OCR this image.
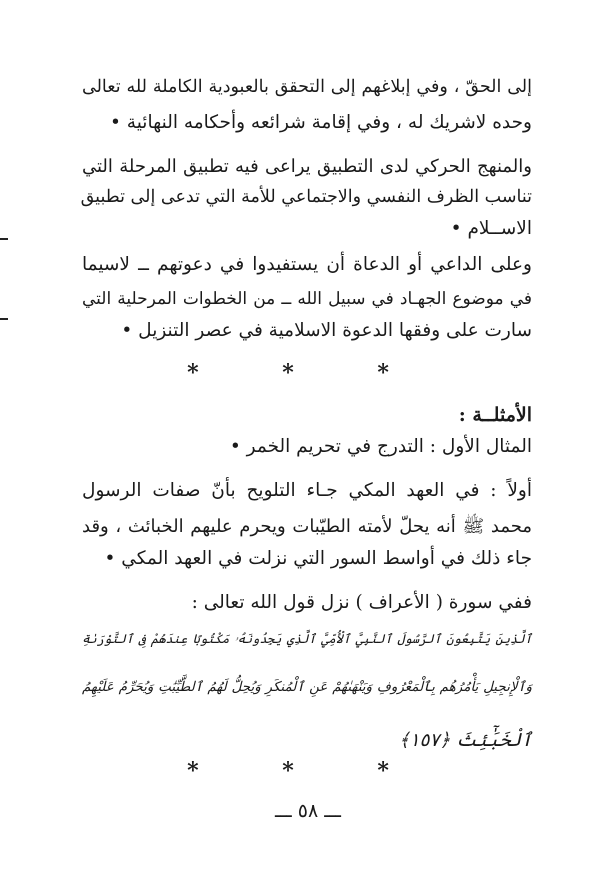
إلى الحقّ ، وفي إبلاغهم إلى التحقق بالعبودية الكاملة لله تعالى
وحده لاشريك له ، وفي إقامة شرائعه وأحكامه النهائية •
والمنهج الحركي لدى التطبيق يراعى فيه تطبيق المرحلة التي
تناسب الظرف النفسي والاجتماعي للأمة التي تدعى إلى تطبيق
الاســلام •
وعلى الداعي أو الدعاة أن يستفيدوا في دعوتهم ــ لاسيما
في موضوع الجهـاد في سبيل الله ــ من الخطوات المرحلية التي
سارت على وفقها الدعوة الاسلامية في عصر التنزيل •
* * *
الأمثلــة :
المثال الأول : التدرج في تحريم الخمر •
أولاً : في العهد المكي جـاء التلويح بأنّ صفات الرسول
محمد ﷺ أنه يحلّ لأمته الطيّبات ويحرم عليهم الخبائث ، وقد
جاء ذلك في أواسط السور التي نزلت في العهد المكي •
ففي سورة ( الأعراف ) نزل قول الله تعالى :
ٱلَّذِينَ يَتَّبِعُونَ ٱلرَّسُولَ ٱلنَّبِيَّ ٱلْأُمِّيَّ ٱلَّذِي يَجِدُونَهُۥ مَكْتُوبًا عِندَهُمْ فِى ٱلتَّوْرَىٰةِ
وَٱلْإِنجِيلِ يَأْمُرُهُم بِٱلْمَعْرُوفِ وَيَنْهَىٰهُمْ عَنِ ٱلْمُنكَرِ وَيُحِلُّ لَهُمُ ٱلطَّيِّبَٰتِ وَيُحَرِّمُ عَلَيْهِمُ
ٱلْخَبَٰٓئِثَ ﴿١٥٧﴾
* * *
ـــ ٥٨ ـــ
